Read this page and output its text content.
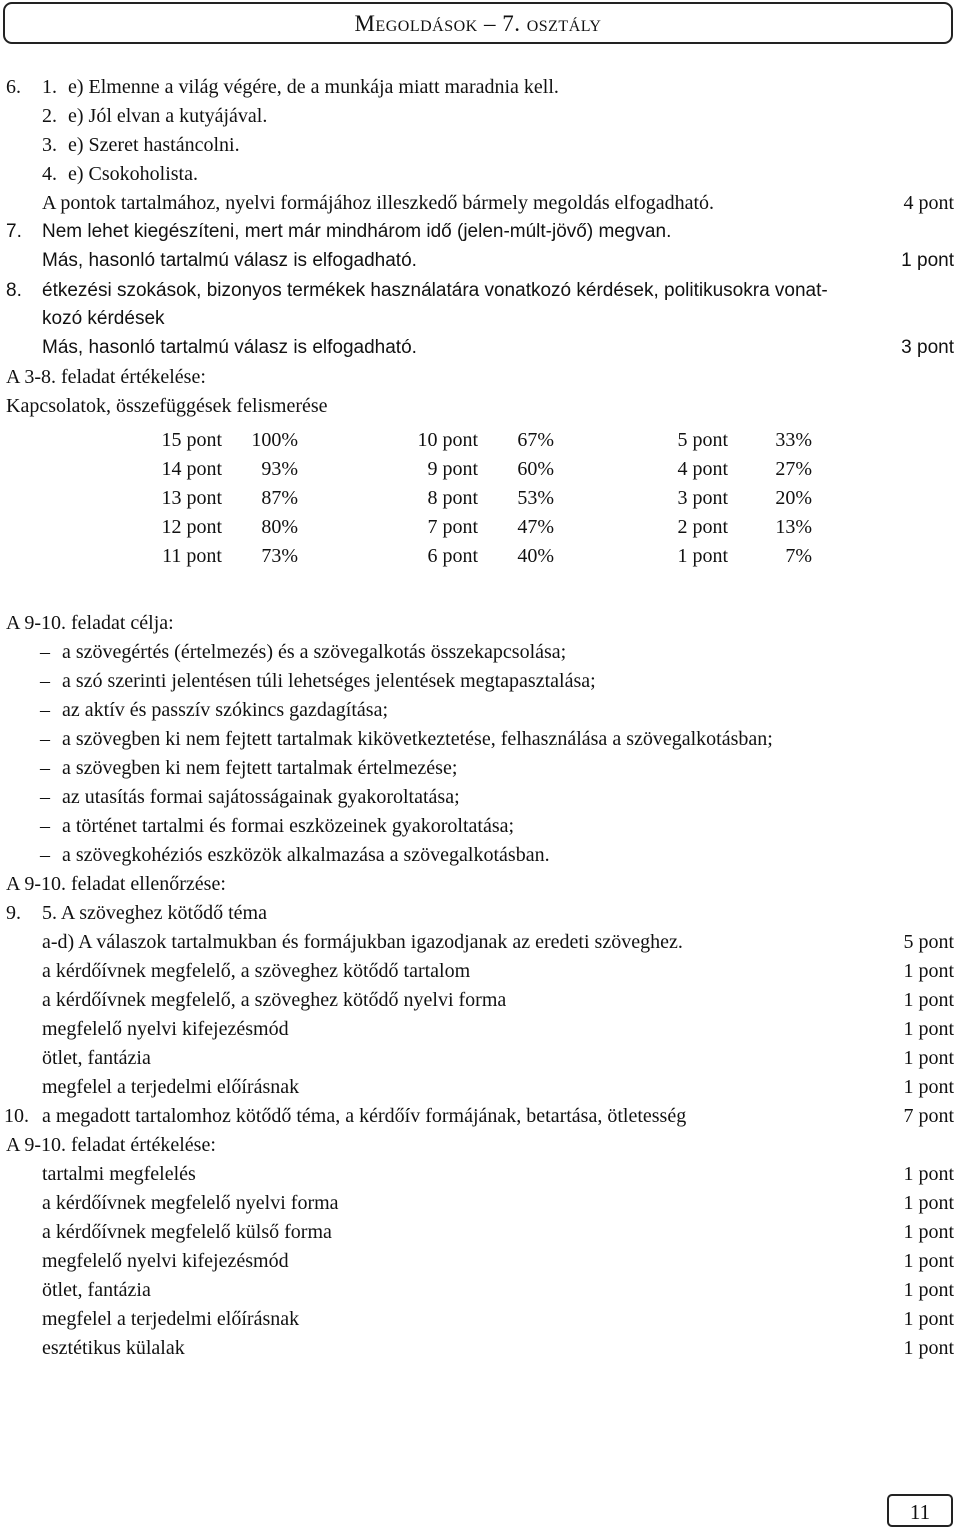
Megoldások – 7. osztály
6. 1. e) Elmenne a világ végére, de a munkája miatt maradnia kell.
2. e) Jól elvan a kutyájával.
3. e) Szeret hastáncolni.
4. e) Csokoholista.
A pontok tartalmához, nyelvi formájához illeszkedő bármely megoldás elfogadható.	4 pont
7. Nem lehet kiegészíteni, mert már mindhárom idő (jelen-múlt-jövő) megvan.
Más, hasonló tartalmú válasz is elfogadható.	1 pont
8. étkezési szokások, bizonyos termékek használatára vonatkozó kérdések, politikusokra vonat-
kozó kérdések
Más, hasonló tartalmú válasz is elfogadható.	3 pont
A 3-8. feladat értékelése:
Kapcsolatok, összefüggések felismerése
15 pont	100%	10 pont	67%	5 pont	33%
14 pont	93%	9 pont	60%	4 pont	27%
13 pont	87%	8 pont	53%	3 pont	20%
12 pont	80%	7 pont	47%	2 pont	13%
11 pont	73%	6 pont	40%	1 pont	7%
A 9-10. feladat célja:
– a szövegértés (értelmezés) és a szövegalkotás összekapcsolása;
– a szó szerinti jelentésen túli lehetséges jelentések megtapasztalása;
– az aktív és passzív szókincs gazdagítása;
– a szövegben ki nem fejtett tartalmak kikövetkeztetése, felhasználása a szövegalkotásban;
– a szövegben ki nem fejtett tartalmak értelmezése;
– az utasítás formai sajátosságainak gyakoroltatása;
– a történet tartalmi és formai eszközeinek gyakoroltatása;
– a szövegkohéziós eszközök alkalmazása a szövegalkotásban.
A 9-10. feladat ellenőrzése:
9. 5. A szöveghez kötődő téma
a-d) A válaszok tartalmukban és formájukban igazodjanak az eredeti szöveghez.	5 pont
a kérdőívnek megfelelő, a szöveghez kötődő tartalom	1 pont
a kérdőívnek megfelelő, a szöveghez kötődő nyelvi forma	1 pont
megfelelő nyelvi kifejezésmód	1 pont
ötlet, fantázia	1 pont
megfelel a terjedelmi előírásnak	1 pont
10. a megadott tartalomhoz kötődő téma, a kérdőív formájának, betartása, ötletesség	7 pont
A 9-10. feladat értékelése:
tartalmi megfelelés	1 pont
a kérdőívnek megfelelő nyelvi forma	1 pont
a kérdőívnek megfelelő külső forma	1 pont
megfelelő nyelvi kifejezésmód	1 pont
ötlet, fantázia	1 pont
megfelel a terjedelmi előírásnak	1 pont
esztétikus külalak	1 pont
11
